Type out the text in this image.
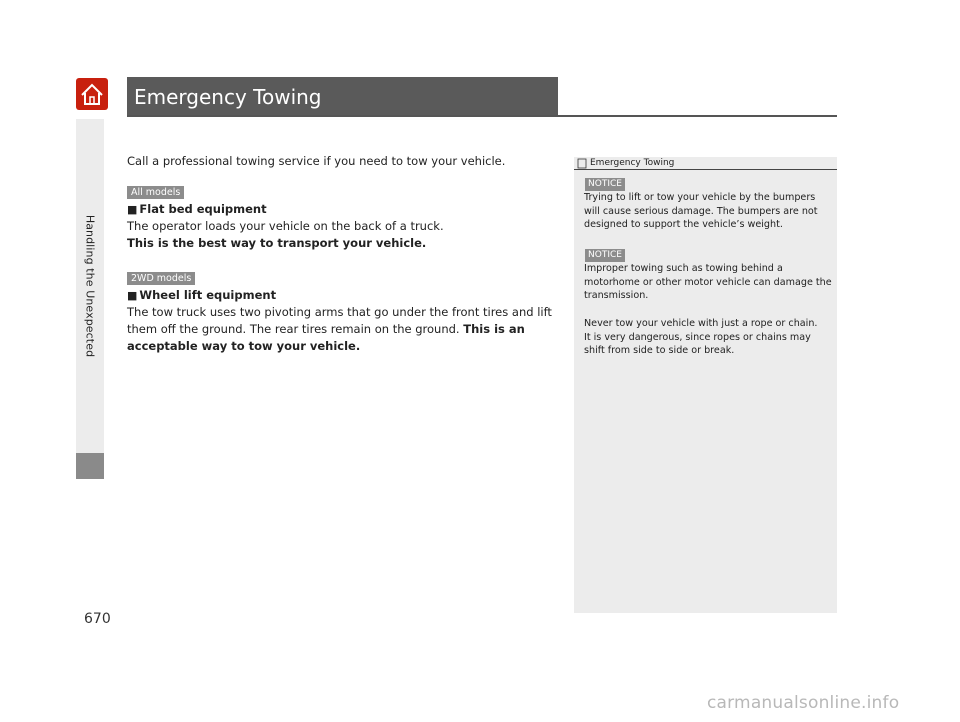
Handling the Unexpected
Emergency Towing

Call a professional towing service if you need to tow your vehicle.

All models

■ Flat bed equipment

The operator loads your vehicle on the back of a truck.

This is the best way to transport your vehicle.

2WD models

■ Wheel lift equipment

The tow truck uses two pivoting arms that go under the front tires and lift them off the ground. The rear tires remain on the ground. This is an acceptable way to tow your vehicle.

Emergency Towing
NOTICE
Trying to lift or tow your vehicle by the bumpers will cause serious damage. The bumpers are not designed to support the vehicle’s weight.
NOTICE
Improper towing such as towing behind a motorhome or other motor vehicle can damage the transmission.
Never tow your vehicle with just a rope or chain.
It is very dangerous, since ropes or chains may shift from side to side or break.
670
carmanualsonline.info
